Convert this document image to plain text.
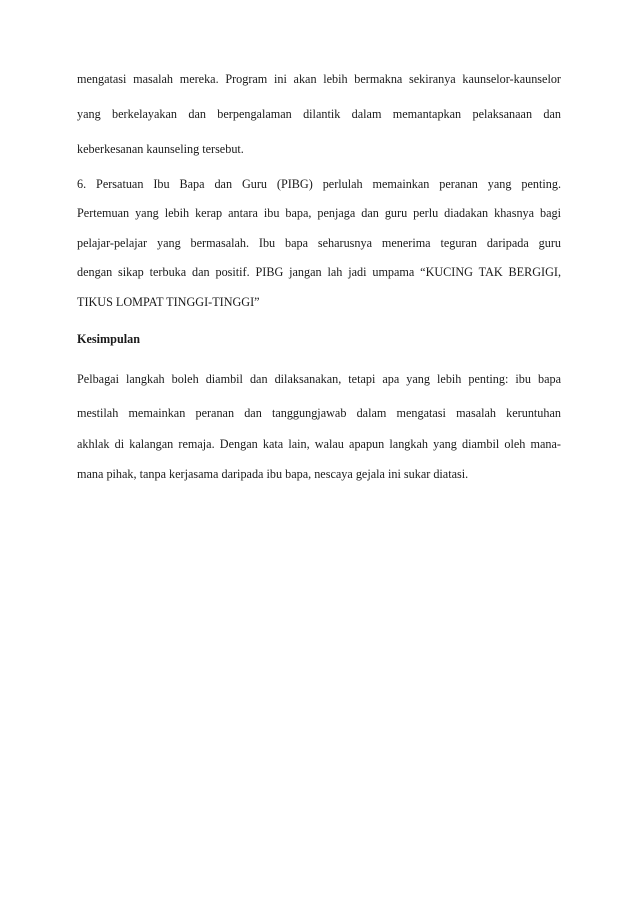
mengatasi masalah mereka. Program ini akan lebih bermakna sekiranya kaunselor-kaunselor
yang berkelayakan dan berpengalaman dilantik dalam memantapkan pelaksanaan dan
keberkesanan kaunseling tersebut.
6. Persatuan Ibu Bapa dan Guru (PIBG) perlulah memainkan peranan yang penting.
Pertemuan yang lebih kerap antara ibu bapa, penjaga dan guru perlu diadakan khasnya bagi
pelajar-pelajar yang bermasalah. Ibu bapa seharusnya menerima teguran daripada guru
dengan sikap terbuka dan positif. PIBG jangan lah jadi umpama “KUCING TAK BERGIGI,
TIKUS LOMPAT TINGGI-TINGGI”
Kesimpulan
Pelbagai langkah boleh diambil dan dilaksanakan, tetapi apa yang lebih penting: ibu bapa
mestilah memainkan peranan dan tanggungjawab dalam mengatasi masalah keruntuhan
akhlak di kalangan remaja. Dengan kata lain, walau apapun langkah yang diambil oleh mana-
mana pihak, tanpa kerjasama daripada ibu bapa, nescaya gejala ini sukar diatasi.
